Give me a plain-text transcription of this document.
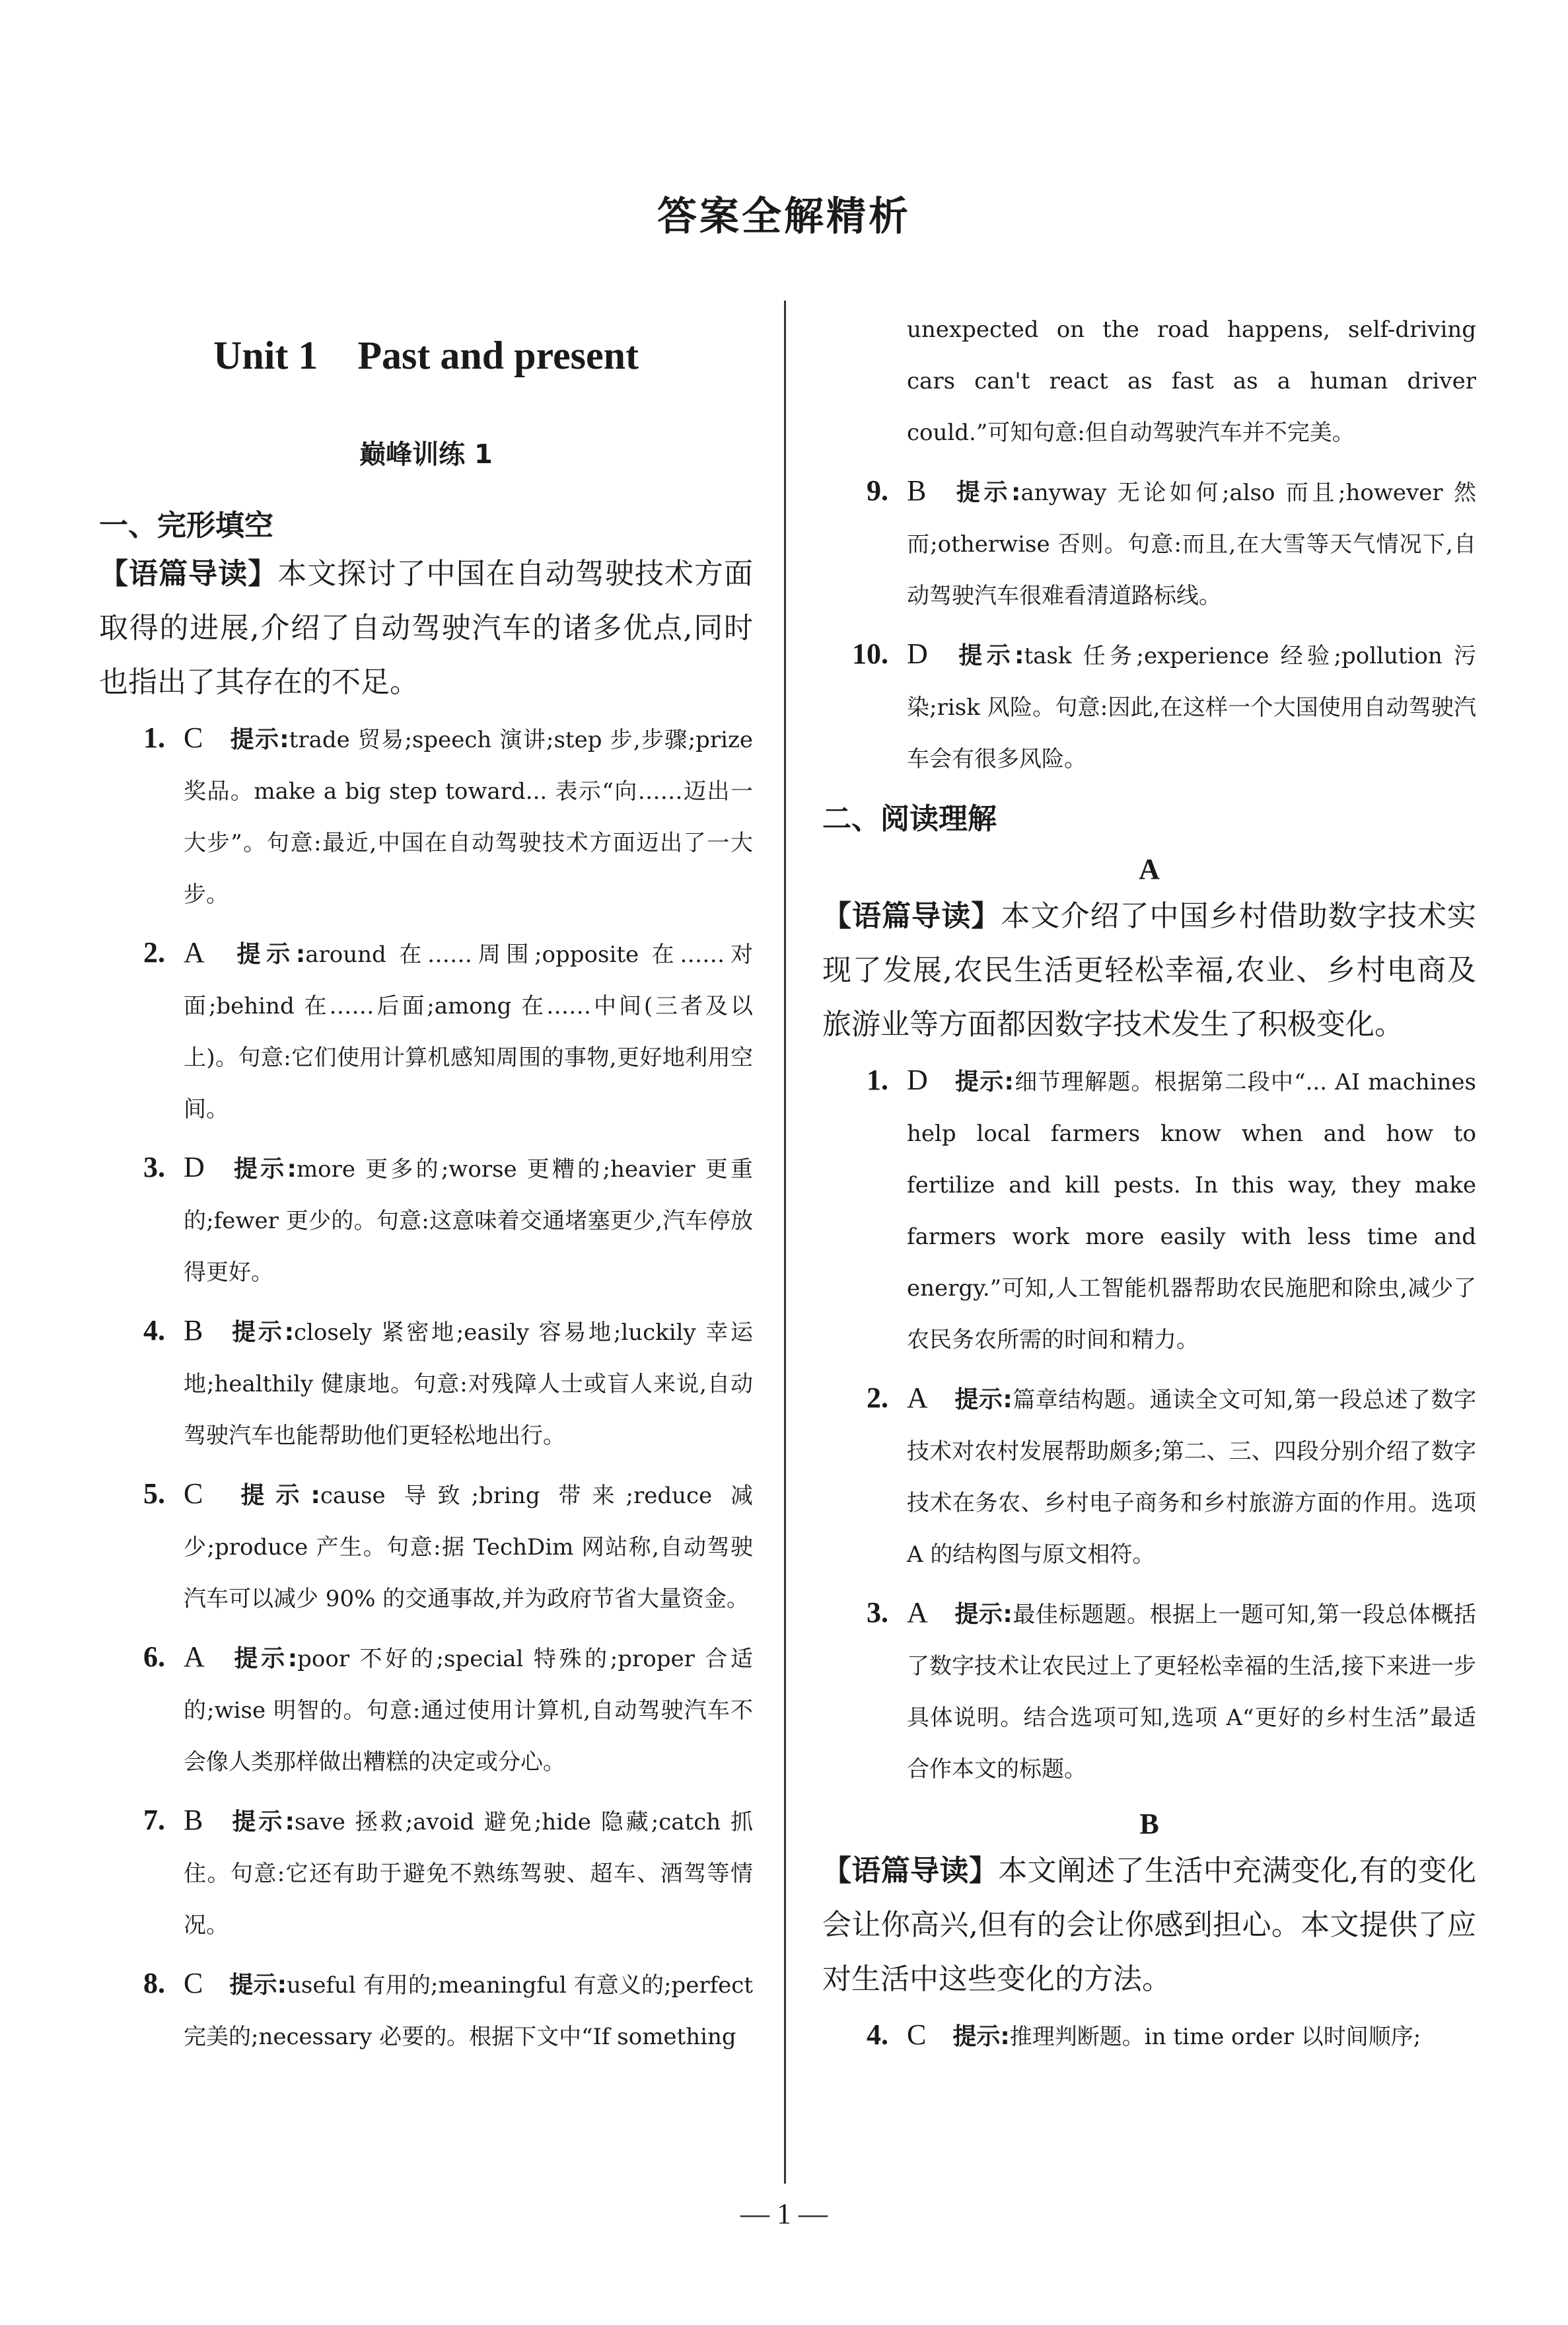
答案全解精析
Unit 1    Past and present
巅峰训练 1
一、完形填空

【语篇导读】本文探讨了中国在自动驾驶技术方面取得的进展,介绍了自动驾驶汽车的诸多优点,同时也指出了其存在的不足。

1. C 提示:trade 贸易;speech 演讲;step 步,步骤;prize 奖品。make a big step toward... 表示“向……迈出一大步”。句意:最近,中国在自动驾驶技术方面迈出了一大步。
2. A 提示:around 在……周围;opposite 在……对面;behind 在……后面;among 在……中间(三者及以上)。句意:它们使用计算机感知周围的事物,更好地利用空间。
3. D 提示:more 更多的;worse 更糟的;heavier 更重的;fewer 更少的。句意:这意味着交通堵塞更少,汽车停放得更好。
4. B 提示:closely 紧密地;easily 容易地;luckily 幸运地;healthily 健康地。句意:对残障人士或盲人来说,自动驾驶汽车也能帮助他们更轻松地出行。
5. C 提示:cause 导致;bring 带来;reduce 减少;produce 产生。句意:据 TechDim 网站称,自动驾驶汽车可以减少 90% 的交通事故,并为政府节省大量资金。
6. A 提示:poor 不好的;special 特殊的;proper 合适的;wise 明智的。句意:通过使用计算机,自动驾驶汽车不会像人类那样做出糟糕的决定或分心。
7. B 提示:save 拯救;avoid 避免;hide 隐藏;catch 抓住。句意:它还有助于避免不熟练驾驶、超车、酒驾等情况。
8. C 提示:useful 有用的;meaningful 有意义的;perfect 完美的;necessary 必要的。根据下文中“If something

unexpected on the road happens, self-driving cars can't react as fast as a human driver could.”可知句意:但自动驾驶汽车并不完美。

9. B 提示:anyway 无论如何;also 而且;however 然而;otherwise 否则。句意:而且,在大雪等天气情况下,自动驾驶汽车很难看清道路标线。
10. D 提示:task 任务;experience 经验;pollution 污染;risk 风险。句意:因此,在这样一个大国使用自动驾驶汽车会有很多风险。
二、阅读理解
A

【语篇导读】本文介绍了中国乡村借助数字技术实现了发展,农民生活更轻松幸福,农业、乡村电商及旅游业等方面都因数字技术发生了积极变化。

1. D 提示:细节理解题。根据第二段中“... AI machines help local farmers know when and how to fertilize and kill pests. In this way, they make farmers work more easily with less time and energy.”可知,人工智能机器帮助农民施肥和除虫,减少了农民务农所需的时间和精力。
2. A 提示:篇章结构题。通读全文可知,第一段总述了数字技术对农村发展帮助颇多;第二、三、四段分别介绍了数字技术在务农、乡村电子商务和乡村旅游方面的作用。选项 A 的结构图与原文相符。
3. A 提示:最佳标题题。根据上一题可知,第一段总体概括了数字技术让农民过上了更轻松幸福的生活,接下来进一步具体说明。结合选项可知,选项 A“更好的乡村生活”最适合作本文的标题。
B

【语篇导读】本文阐述了生活中充满变化,有的变化会让你高兴,但有的会让你感到担心。本文提供了应对生活中这些变化的方法。

4. C 提示:推理判断题。in time order 以时间顺序;
— 1 —
